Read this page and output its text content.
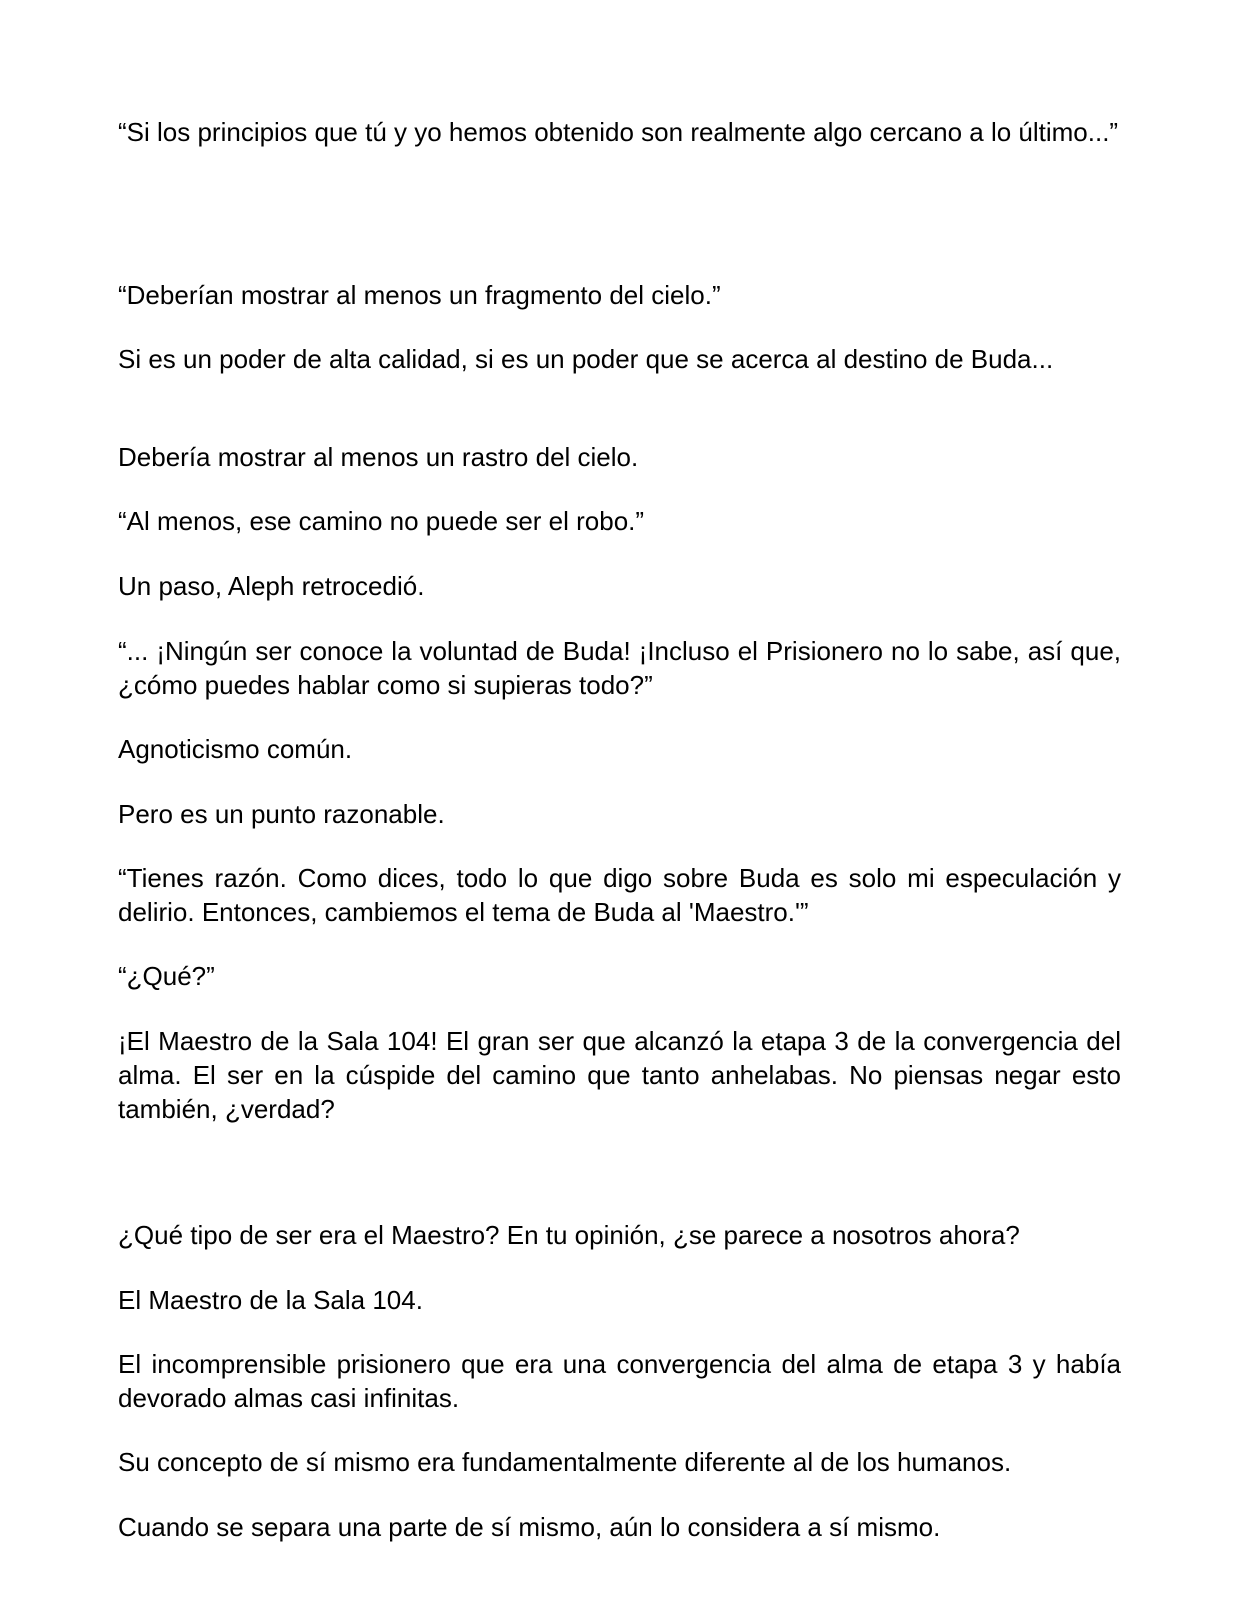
“Si los principios que tú y yo hemos obtenido son realmente algo cercano a lo último...”

“Deberían mostrar al menos un fragmento del cielo.”

Si es un poder de alta calidad, si es un poder que se acerca al destino de Buda...

Debería mostrar al menos un rastro del cielo.

“Al menos, ese camino no puede ser el robo.”

Un paso, Aleph retrocedió.

“... ¡Ningún ser conoce la voluntad de Buda! ¡Incluso el Prisionero no lo sabe, así que, ¿cómo puedes hablar como si supieras todo?”

Agnoticismo común.

Pero es un punto razonable.

“Tienes razón. Como dices, todo lo que digo sobre Buda es solo mi especulación y delirio. Entonces, cambiemos el tema de Buda al 'Maestro.'”

“¿Qué?”

¡El Maestro de la Sala 104! El gran ser que alcanzó la etapa 3 de la convergencia del alma. El ser en la cúspide del camino que tanto anhelabas. No piensas negar esto también, ¿verdad?

¿Qué tipo de ser era el Maestro? En tu opinión, ¿se parece a nosotros ahora?

El Maestro de la Sala 104.

El incomprensible prisionero que era una convergencia del alma de etapa 3 y había devorado almas casi infinitas.

Su concepto de sí mismo era fundamentalmente diferente al de los humanos.

Cuando se separa una parte de sí mismo, aún lo considera a sí mismo.
